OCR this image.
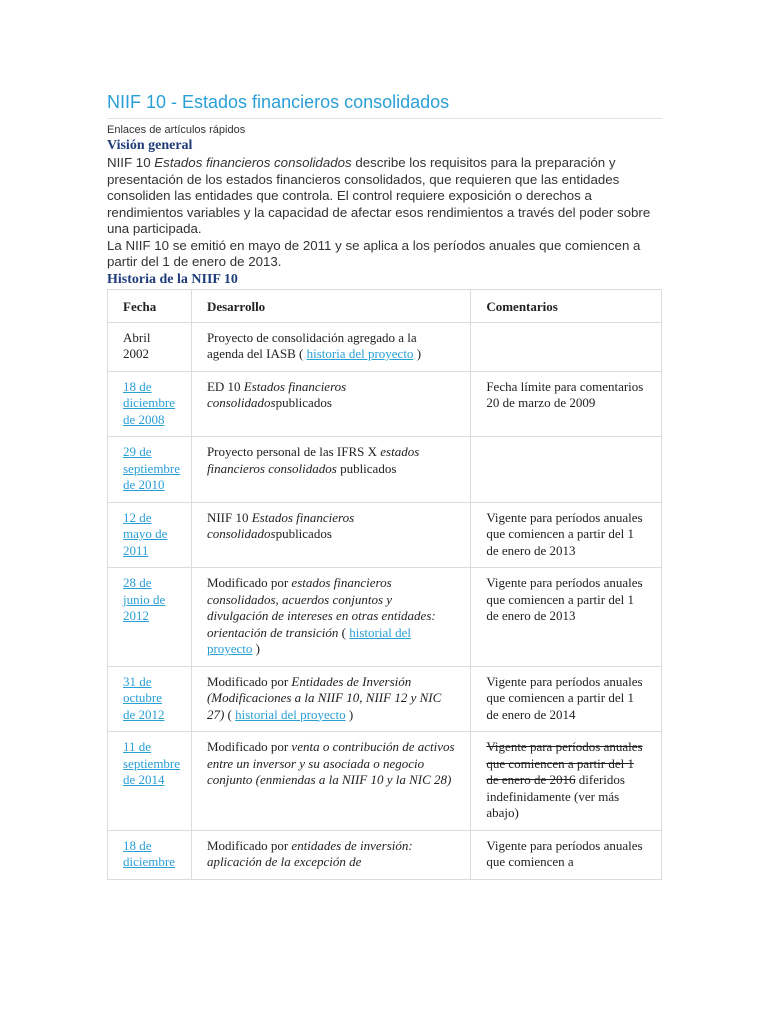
NIIF 10 - Estados financieros consolidados
Enlaces de artículos rápidos
Visión general

NIIF 10 Estados financieros consolidados describe los requisitos para la preparación y presentación de los estados financieros consolidados, que requieren que las entidades consoliden las entidades que controla. El control requiere exposición o derechos a rendimientos variables y la capacidad de afectar esos rendimientos a través del poder sobre una participada.

La NIIF 10 se emitió en mayo de 2011 y se aplica a los períodos anuales que comiencen a partir del 1 de enero de 2013.

Historia de la NIIF 10
Fecha	Desarrollo	Comentarios
Abril 2002	Proyecto de consolidación agregado a la agenda del IASB ( historia del proyecto )	
18 de diciembre de 2008	ED 10 Estados financieros consolidadospublicados	Fecha límite para comentarios 20 de marzo de 2009
29 de septiembre de 2010	Proyecto personal de las IFRS X estados financieros consolidados publicados	
12 de mayo de 2011	NIIF 10 Estados financieros consolidadospublicados	Vigente para períodos anuales que comiencen a partir del 1 de enero de 2013
28 de junio de 2012	Modificado por estados financieros consolidados, acuerdos conjuntos y divulgación de intereses en otras entidades: orientación de transición ( historial del proyecto )	Vigente para períodos anuales que comiencen a partir del 1 de enero de 2013
31 de octubre de 2012	Modificado por Entidades de Inversión (Modificaciones a la NIIF 10, NIIF 12 y NIC 27) ( historial del proyecto )	Vigente para períodos anuales que comiencen a partir del 1 de enero de 2014
11 de septiembre de 2014	Modificado por venta o contribución de activos entre un inversor y su asociada o negocio conjunto (enmiendas a la NIIF 10 y la NIC 28)	Vigente para períodos anuales que comiencen a partir del 1 de enero de 2016 diferidos indefinidamente (ver más abajo)
18 de diciembre	Modificado por entidades de inversión: aplicación de la excepción de	Vigente para períodos anuales que comiencen a
